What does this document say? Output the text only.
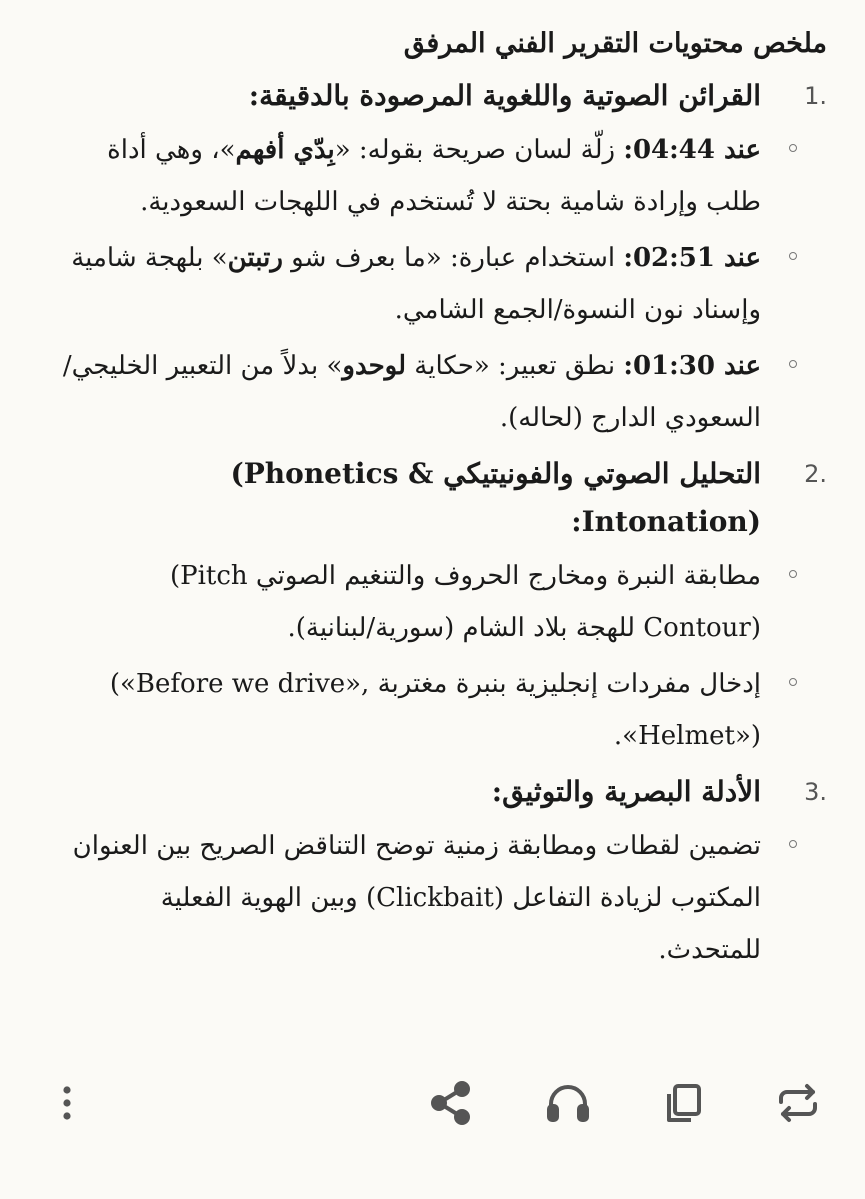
ملخص محتويات التقرير الفني المرفق
1.
القرائن الصوتية واللغوية المرصودة بالدقيقة:
عند 04:44: زلّة لسان صريحة بقوله: «بِدّي أفهم»، وهي أداة طلب وإرادة شامية بحتة لا تُستخدم في اللهجات السعودية.
عند 02:51: استخدام عبارة: «ما بعرف شو رتبتن» بلهجة شامية وإسناد نون النسوة/الجمع الشامي.
عند 01:30: نطق تعبير: «حكاية لوحدو» بدلاً من التعبير الخليجي/السعودي الدارج (لحاله).
2.
التحليل الصوتي والفونيتيكي (Phonetics & Intonation):
مطابقة النبرة ومخارج الحروف والتنغيم الصوتي (Pitch Contour) للهجة بلاد الشام (سورية/لبنانية).
إدخال مفردات إنجليزية بنبرة مغتربة («Before we drive», «Helmet»).
3.
الأدلة البصرية والتوثيق:
تضمين لقطات ومطابقة زمنية توضح التناقض الصريح بين العنوان المكتوب لزيادة التفاعل (Clickbait) وبين الهوية الفعلية للمتحدث.
